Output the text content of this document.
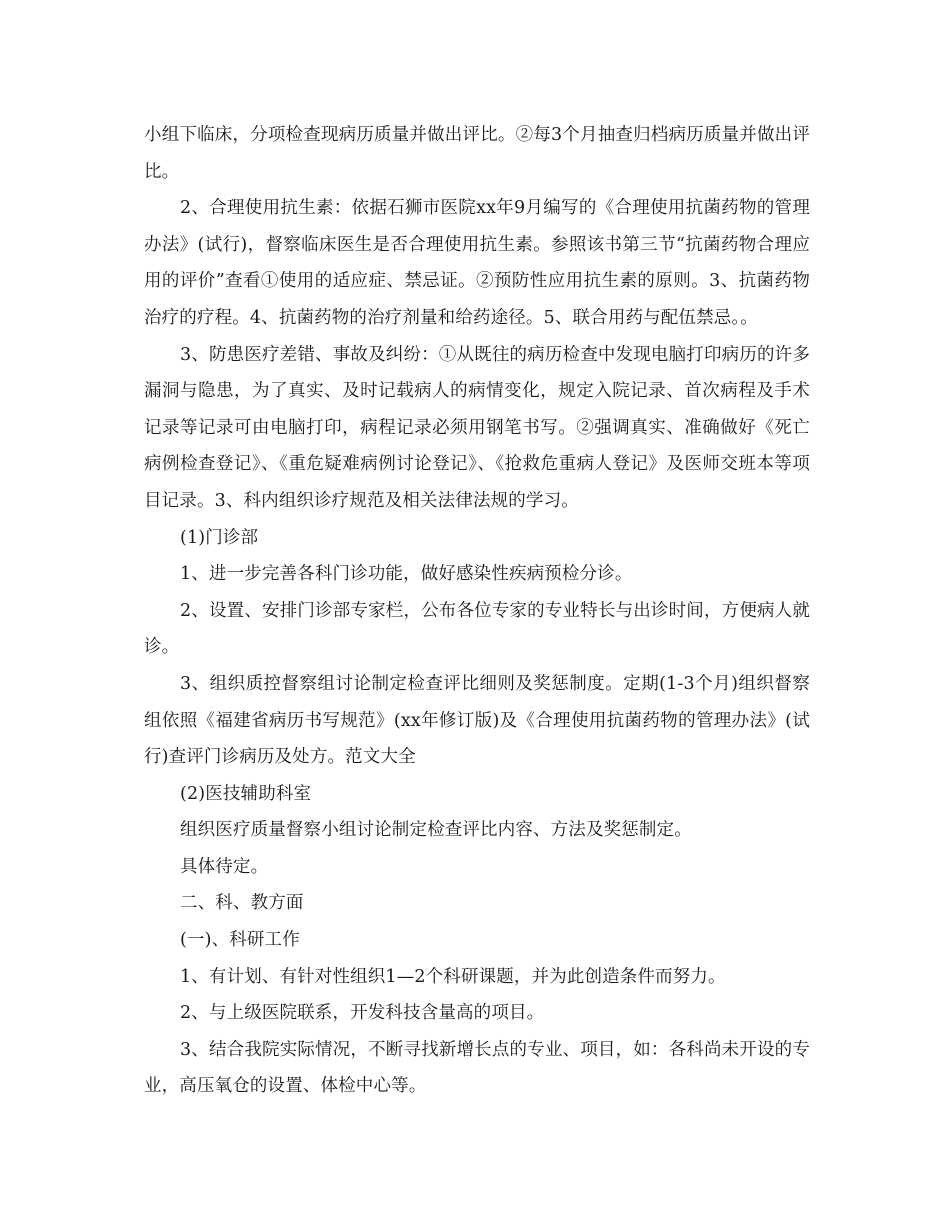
小组下临床，分项检查现病历质量并做出评比。②每3个月抽查归档病历质量并做出评比。

2、合理使用抗生素：依据石狮市医院xx年9月编写的《合理使用抗菌药物的管理办法》(试行)，督察临床医生是否合理使用抗生素。参照该书第三节“抗菌药物合理应用的评价”查看①使用的适应症、禁忌证。②预防性应用抗生素的原则。3、抗菌药物治疗的疗程。4、抗菌药物的治疗剂量和给药途径。5、联合用药与配伍禁忌。。

3、防患医疗差错、事故及纠纷：①从既往的病历检查中发现电脑打印病历的许多漏洞与隐患，为了真实、及时记载病人的病情变化，规定入院记录、首次病程及手术记录等记录可由电脑打印，病程记录必须用钢笔书写。②强调真实、准确做好《死亡病例检查登记》、《重危疑难病例讨论登记》、《抢救危重病人登记》及医师交班本等项目记录。3、科内组织诊疗规范及相关法律法规的学习。

(1)门诊部

1、进一步完善各科门诊功能，做好感染性疾病预检分诊。

2、设置、安排门诊部专家栏，公布各位专家的专业特长与出诊时间，方便病人就诊。

3、组织质控督察组讨论制定检查评比细则及奖惩制度。定期(1-3个月)组织督察组依照《福建省病历书写规范》(xx年修订版)及《合理使用抗菌药物的管理办法》(试行)查评门诊病历及处方。范文大全

(2)医技辅助科室

组织医疗质量督察小组讨论制定检查评比内容、方法及奖惩制定。

具体待定。

二、科、教方面

(一)、科研工作

1、有计划、有针对性组织1—2个科研课题，并为此创造条件而努力。

2、与上级医院联系，开发科技含量高的项目。

3、结合我院实际情况，不断寻找新增长点的专业、项目，如：各科尚未开设的专业，高压氧仓的设置、体检中心等。
